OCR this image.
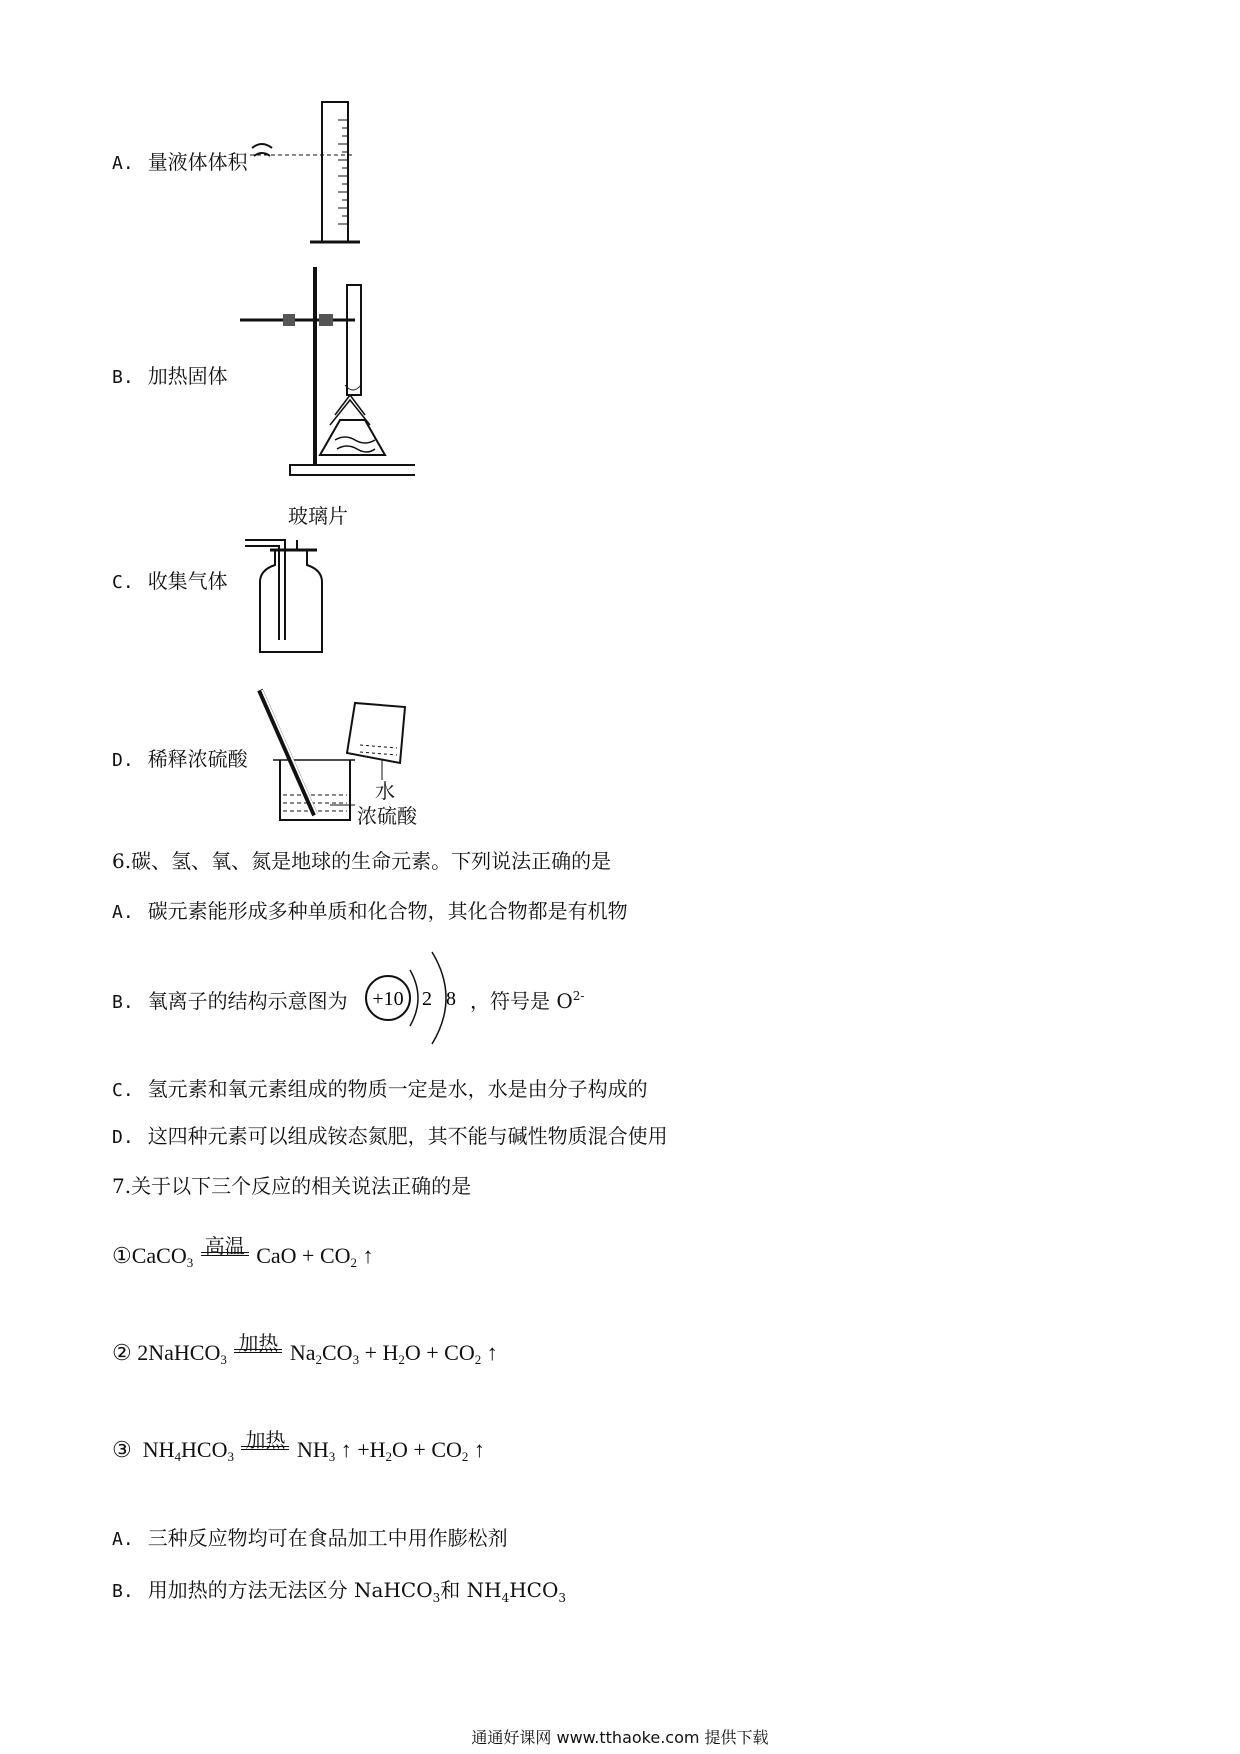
A. 量液体体积
B. 加热固体
C. 收集气体
玻璃片
D. 稀释浓硫酸
水
浓硫酸
6.碳、氢、氧、氮是地球的生命元素。下列说法正确的是
A. 碳元素能形成多种单质和化合物，其化合物都是有机物
B. 氧离子的结构示意图为 +10 2 8 ，符号是 $O^{2-}$
C. 氢元素和氧元素组成的物质一定是水，水是由分子构成的
D. 这四种元素可以组成铵态氮肥，其不能与碱性物质混合使用
7.关于以下三个反应的相关说法正确的是
①CaCO$_3$
高温 CaO + $CO_2$ ↑
② 2NaHCO$_3$
加热 $Na_2CO_3 + H_2O + CO_2$ ↑
③  $NH_4HCO_3$
加热 $NH_3$ ↑ $+H_2O + CO_2$ ↑
A. 三种反应物均可在食品加工中用作膨松剂
B. 用加热的方法无法区分 NaHCO$_3$和 $NH_4HCO_3$
通通好课网 www.tthaoke.com 提供下载
